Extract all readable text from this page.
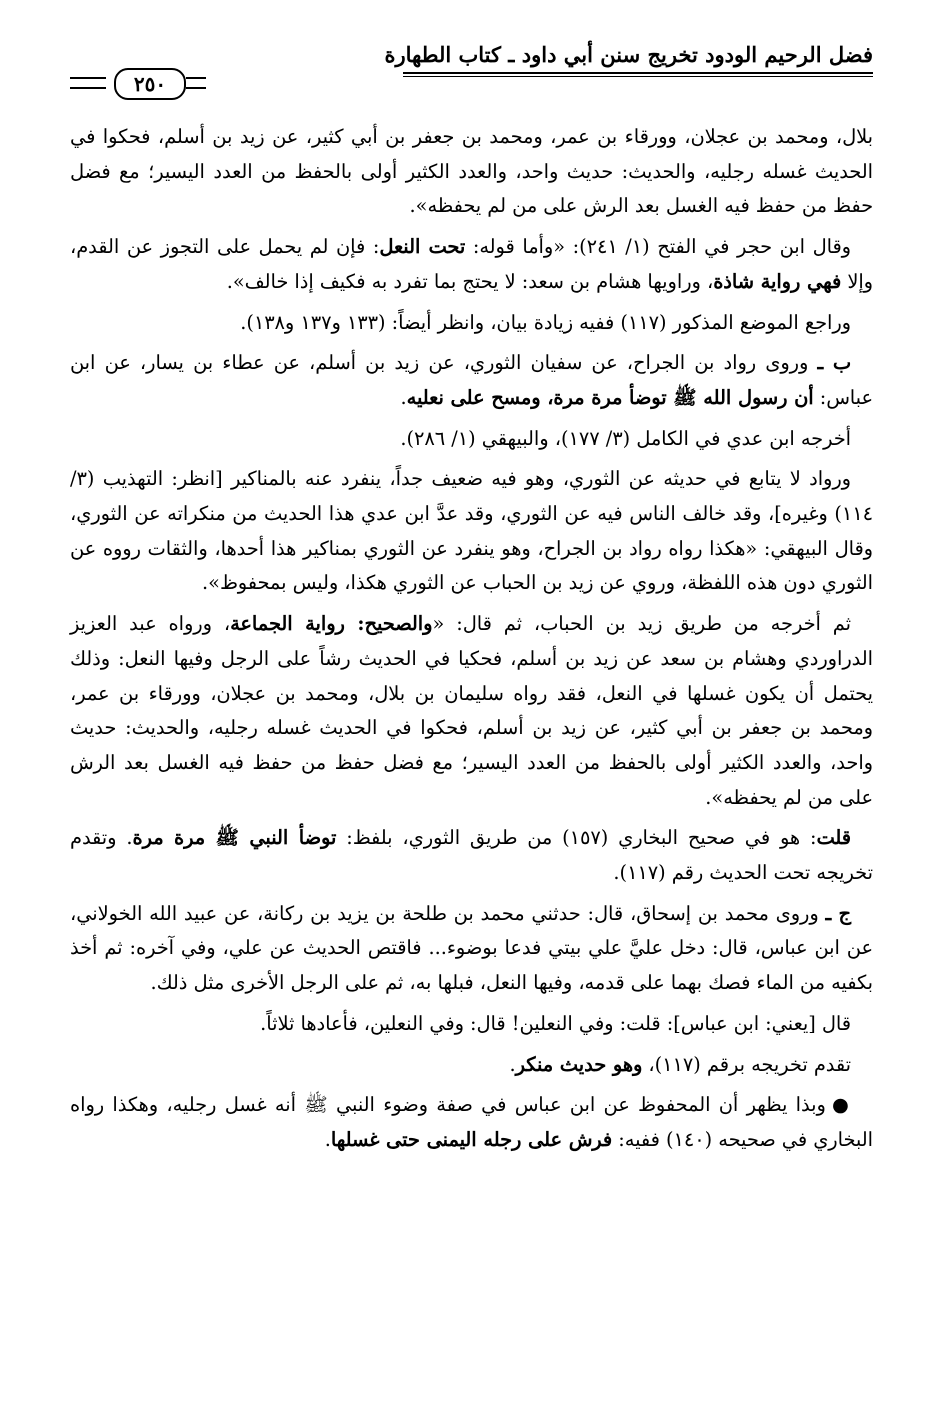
فضل الرحيم الودود تخريج سنن أبي داود ـ كتاب الطهارة
٢٥٠

بلال، ومحمد بن عجلان، وورقاء بن عمر، ومحمد بن جعفر بن أبي كثير، عن زيد بن أسلم، فحكوا في الحديث غسله رجليه، والحديث: حديث واحد، والعدد الكثير أولى بالحفظ من العدد اليسير؛ مع فضل حفظ من حفظ فيه الغسل بعد الرش على من لم يحفظه».

وقال ابن حجر في الفتح (١/ ٢٤١): «وأما قوله: تحت النعل: فإن لم يحمل على التجوز عن القدم، وإلا فهي رواية شاذة، وراويها هشام بن سعد: لا يحتج بما تفرد به فكيف إذا خالف».

وراجع الموضع المذكور (١١٧) ففيه زيادة بيان، وانظر أيضاً: (١٣٣ و١٣٧ و١٣٨).

ب ـ وروى رواد بن الجراح، عن سفيان الثوري، عن زيد بن أسلم، عن عطاء بن يسار، عن ابن عباس: أن رسول الله ﷺ توضأ مرة مرة، ومسح على نعليه.

أخرجه ابن عدي في الكامل (٣/ ١٧٧)، والبيهقي (١/ ٢٨٦).

ورواد لا يتابع في حديثه عن الثوري، وهو فيه ضعيف جداً، ينفرد عنه بالمناكير [انظر: التهذيب (٣/ ١١٤) وغيره]، وقد خالف الناس فيه عن الثوري، وقد عدَّ ابن عدي هذا الحديث من منكراته عن الثوري، وقال البيهقي: «هكذا رواه رواد بن الجراح، وهو ينفرد عن الثوري بمناكير هذا أحدها، والثقات رووه عن الثوري دون هذه اللفظة، وروي عن زيد بن الحباب عن الثوري هكذا، وليس بمحفوظ».

ثم أخرجه من طريق زيد بن الحباب، ثم قال: «والصحيح: رواية الجماعة، ورواه عبد العزيز الدراوردي وهشام بن سعد عن زيد بن أسلم، فحكيا في الحديث رشاً على الرجل وفيها النعل: وذلك يحتمل أن يكون غسلها في النعل، فقد رواه سليمان بن بلال، ومحمد بن عجلان، وورقاء بن عمر، ومحمد بن جعفر بن أبي كثير، عن زيد بن أسلم، فحكوا في الحديث غسله رجليه، والحديث: حديث واحد، والعدد الكثير أولى بالحفظ من العدد اليسير؛ مع فضل حفظ من حفظ فيه الغسل بعد الرش على من لم يحفظه».

قلت: هو في صحيح البخاري (١٥٧) من طريق الثوري، بلفظ: توضأ النبي ﷺ مرة مرة. وتقدم تخريجه تحت الحديث رقم (١١٧).

ج ـ وروى محمد بن إسحاق، قال: حدثني محمد بن طلحة بن يزيد بن ركانة، عن عبيد الله الخولاني، عن ابن عباس، قال: دخل عليَّ علي بيتي فدعا بوضوء... فاقتص الحديث عن علي، وفي آخره: ثم أخذ بكفيه من الماء فصك بهما على قدمه، وفيها النعل، فبلها به، ثم على الرجل الأخرى مثل ذلك.

قال [يعني: ابن عباس]: قلت: وفي النعلين! قال: وفي النعلين، فأعادها ثلاثاً.

تقدم تخريجه برقم (١١٧)، وهو حديث منكر.

● وبذا يظهر أن المحفوظ عن ابن عباس في صفة وضوء النبي ﷺ أنه غسل رجليه، وهكذا رواه البخاري في صحيحه (١٤٠) ففيه: فرش على رجله اليمنى حتى غسلها.
